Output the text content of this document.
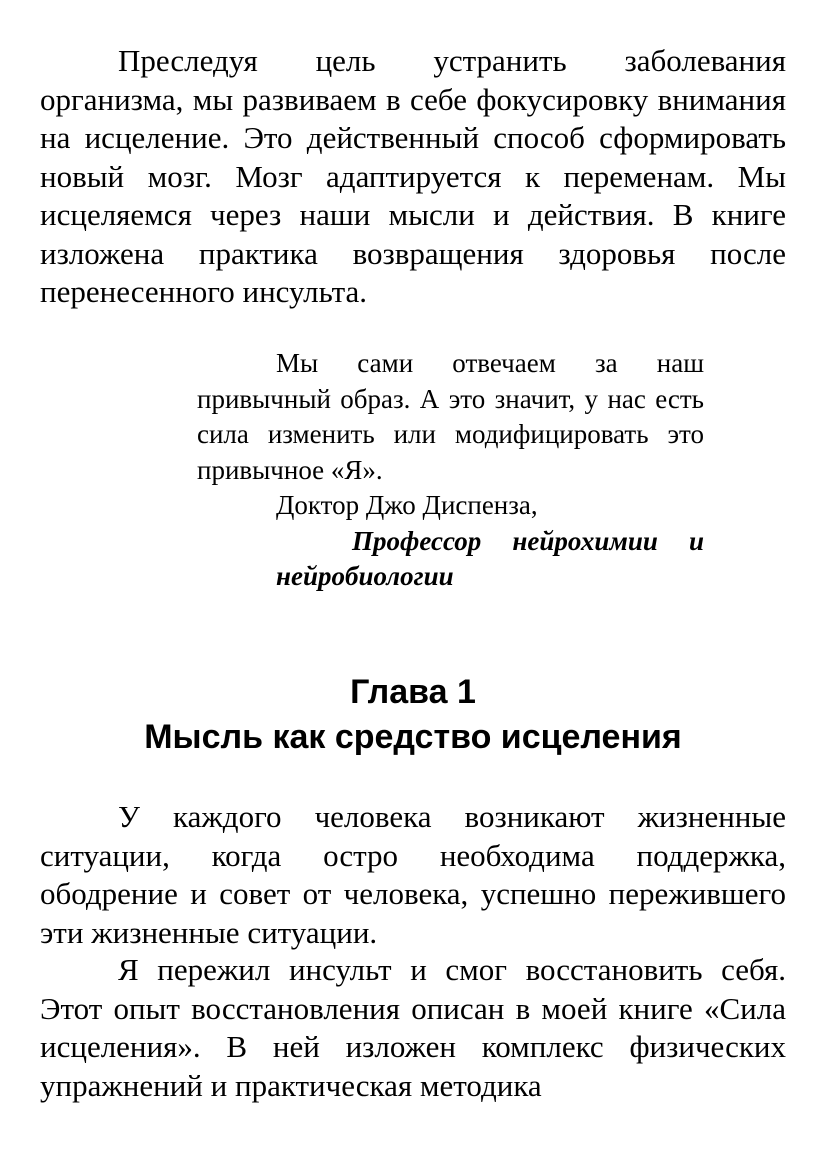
Преследуя цель устранить заболевания организма, мы развиваем в себе фокусировку внимания на исцеление. Это действенный способ сформировать новый мозг. Мозг адаптируется к переменам. Мы исцеляемся через наши мысли и действия. В книге изложена практика возвращения здоровья после перенесенного инсульта.

Мы сами отвечаем за наш привычный образ. А это значит, у нас есть сила изменить или модифицировать это привычное «Я».

Доктор Джо Диспенза,

Профессор нейрохимии и нейробиологии

Глава 1
Мысль как средство исцеления

У каждого человека возникают жизненные ситуации, когда остро необходима поддержка, ободрение и совет от человека, успешно пережившего эти жизненные ситуации.

Я пережил инсульт и смог восстановить себя. Этот опыт восстановления описан в моей книге «Сила исцеления». В ней изложен комплекс физических упражнений и практическая методика
